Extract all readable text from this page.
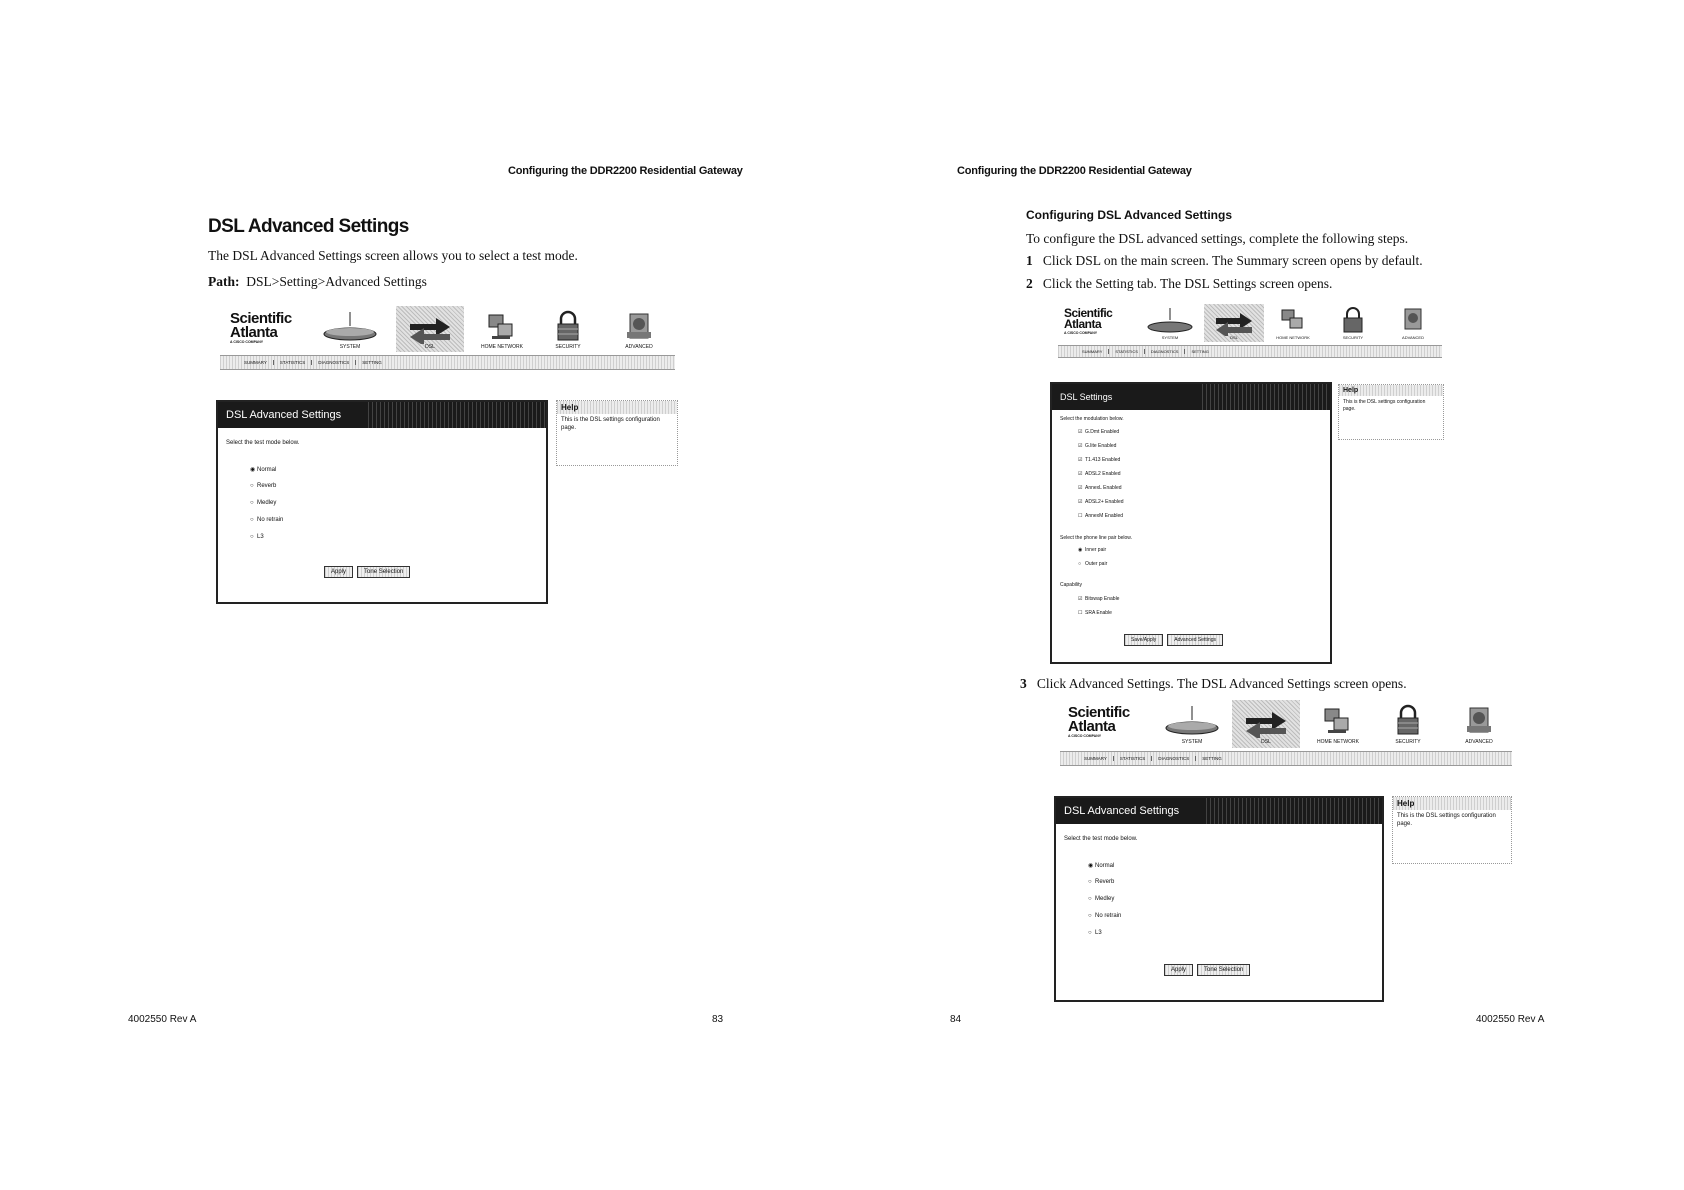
Configuring the DDR2200 Residential Gateway
DSL Advanced Settings
The DSL Advanced Settings screen allows you to select a test mode.
Path: DSL>Setting>Advanced Settings
Scientific
Atlanta
A CISCO COMPANY
SYSTEM	DSL	HOME NETWORK	SECURITY	ADVANCED
SUMMARY	STATISTICS	DIAGNOSTICS	SETTING
DSL Advanced Settings
Select the test mode below.
◉ Normal
○ Reverb
○ Medley
○ No retrain
○ L3
Apply	Tone Selection
Help
This is the DSL settings configuration page.
4002550 Rev A	83
Configuring the DDR2200 Residential Gateway
Configuring DSL Advanced Settings
To configure the DSL advanced settings, complete the following steps.
1 Click DSL on the main screen. The Summary screen opens by default.
2 Click the Setting tab. The DSL Settings screen opens.
Scientific
Atlanta
A CISCO COMPANY
SYSTEM	DSL	HOME NETWORK	SECURITY	ADVANCED
SUMMARY	STATISTICS	DIAGNOSTICS	SETTING
DSL Settings
Select the modulation below.
☑ G.Dmt Enabled
☑ G.lite Enabled
☑ T1.413 Enabled
☑ ADSL2 Enabled
☑ AnnexL Enabled
☑ ADSL2+ Enabled
☐ AnnexM Enabled
Select the phone line pair below.
◉ Inner pair
○ Outer pair
Capability
☑ Bitswap Enable
☐ SRA Enable
Save/Apply	Advanced Settings
Help
This is the DSL settings configuration page.
3 Click Advanced Settings. The DSL Advanced Settings screen opens.
Scientific
Atlanta
A CISCO COMPANY
SYSTEM	DSL	HOME NETWORK	SECURITY	ADVANCED
SUMMARY	STATISTICS	DIAGNOSTICS	SETTING
DSL Advanced Settings
Select the test mode below.
◉ Normal
○ Reverb
○ Medley
○ No retrain
○ L3
Apply	Tone Selection
Help
This is the DSL settings configuration page.
84	4002550 Rev A
